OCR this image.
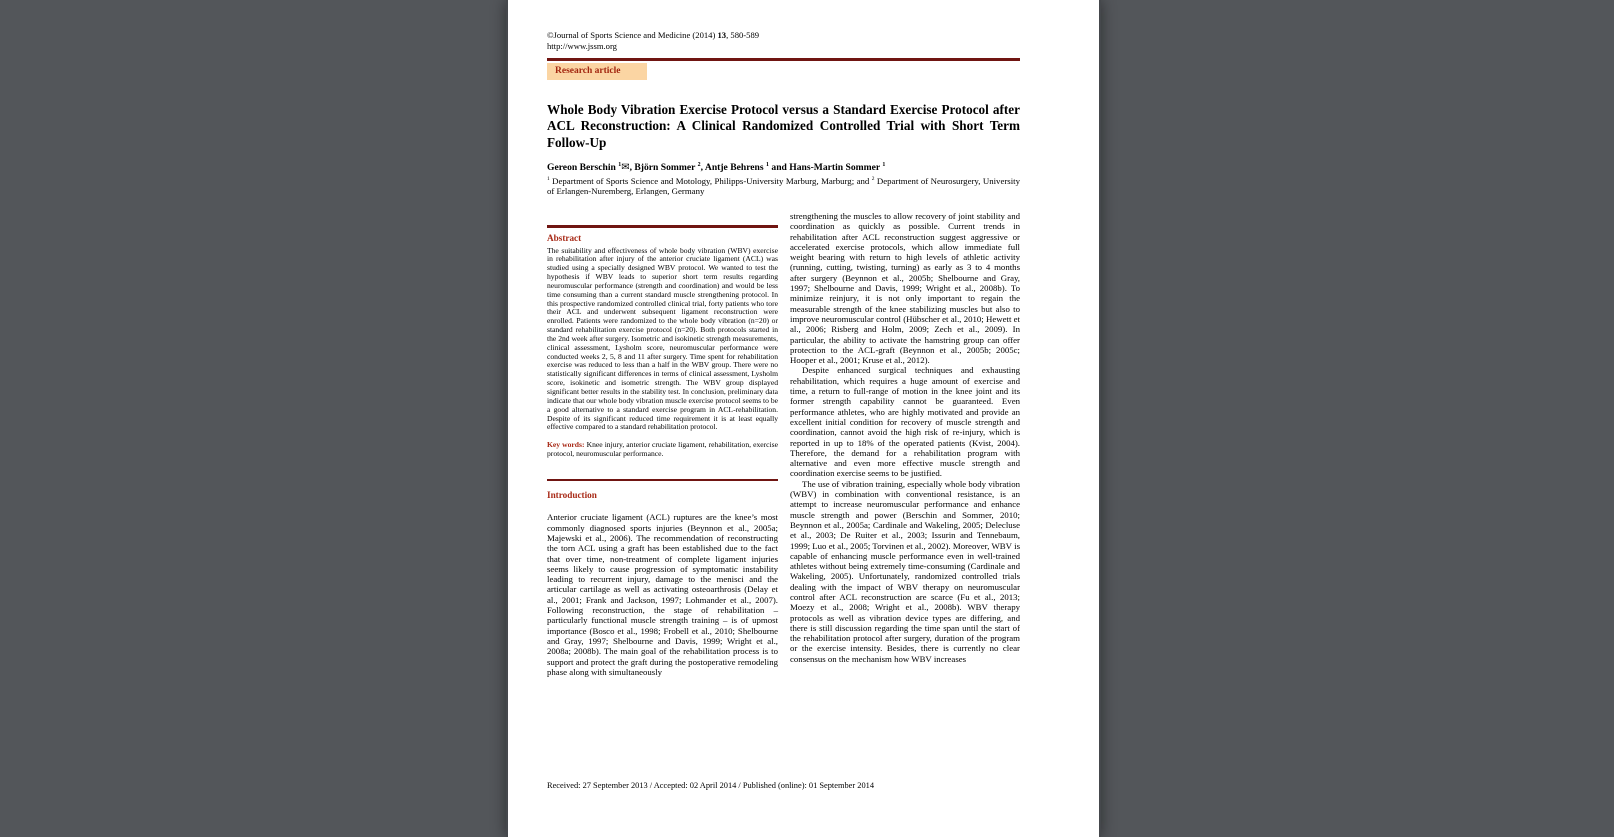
©Journal of Sports Science and Medicine (2014) 13, 580-589
http://www.jssm.org
Research article
Whole Body Vibration Exercise Protocol versus a Standard Exercise Protocol after ACL Reconstruction: A Clinical Randomized Controlled Trial with Short Term Follow-Up
Gereon Berschin $^1$✉, Björn Sommer $^2$, Antje Behrens $^1$ and Hans-Martin Sommer $^1$
$^1$ Department of Sports Science and Motology, Philipps-University Marburg, Marburg; and $^2$ Department of Neurosurgery, University of Erlangen-Nuremberg, Erlangen, Germany
Abstract
The suitability and effectiveness of whole body vibration (WBV) exercise in rehabilitation after injury of the anterior cruciate ligament (ACL) was studied using a specially designed WBV protocol. We wanted to test the hypothesis if WBV leads to superior short term results regarding neuromuscular performance (strength and coordination) and would be less time consuming than a current standard muscle strengthening protocol. In this prospective randomized controlled clinical trial, forty patients who tore their ACL and underwent subsequent ligament reconstruction were enrolled. Patients were randomized to the whole body vibration (n=20) or standard rehabilitation exercise protocol (n=20). Both protocols started in the 2nd week after surgery. Isometric and isokinetic strength measurements, clinical assessment, Lysholm score, neuromuscular performance were conducted weeks 2, 5, 8 and 11 after surgery. Time spent for rehabilitation exercise was reduced to less than a half in the WBV group. There were no statistically significant differences in terms of clinical assessment, Lysholm score, isokinetic and isometric strength. The WBV group displayed significant better results in the stability test. In conclusion, preliminary data indicate that our whole body vibration muscle exercise protocol seems to be a good alternative to a standard exercise program in ACL-rehabilitation. Despite of its significant reduced time requirement it is at least equally effective compared to a standard rehabilitation protocol.
Key words: Knee injury, anterior cruciate ligament, rehabilitation, exercise protocol, neuromuscular performance.
Introduction
Anterior cruciate ligament (ACL) ruptures are the knee’s most commonly diagnosed sports injuries (Beynnon et al., 2005a; Majewski et al., 2006). The recommendation of reconstructing the torn ACL using a graft has been established due to the fact that over time, non-treatment of complete ligament injuries seems likely to cause progression of symptomatic instability leading to recurrent injury, damage to the menisci and the articular cartilage as well as activating osteoarthrosis (Delay et al., 2001; Frank and Jackson, 1997; Lohmander et al., 2007). Following reconstruction, the stage of rehabilitation – particularly functional muscle strength training – is of upmost importance (Bosco et al., 1998; Frobell et al., 2010; Shelbourne and Gray, 1997; Shelbourne and Davis, 1999; Wright et al., 2008a; 2008b). The main goal of the rehabilitation process is to support and protect the graft during the postoperative remodeling phase along with simultaneously
strengthening the muscles to allow recovery of joint stability and coordination as quickly as possible. Current trends in rehabilitation after ACL reconstruction suggest aggressive or accelerated exercise protocols, which allow immediate full weight bearing with return to high levels of athletic activity (running, cutting, twisting, turning) as early as 3 to 4 months after surgery (Beynnon et al., 2005b; Shelbourne and Gray, 1997; Shelbourne and Davis, 1999; Wright et al., 2008b). To minimize reinjury, it is not only important to regain the measurable strength of the knee stabilizing muscles but also to improve neuromuscular control (Hübscher et al., 2010; Hewett et al., 2006; Risberg and Holm, 2009; Zech et al., 2009). In particular, the ability to activate the hamstring group can offer protection to the ACL-graft (Beynnon et al., 2005b; 2005c; Hooper et al., 2001; Kruse et al., 2012).
Despite enhanced surgical techniques and exhausting rehabilitation, which requires a huge amount of exercise and time, a return to full-range of motion in the knee joint and its former strength capability cannot be guaranteed. Even performance athletes, who are highly motivated and provide an excellent initial condition for recovery of muscle strength and coordination, cannot avoid the high risk of re-injury, which is reported in up to 18% of the operated patients (Kvist, 2004). Therefore, the demand for a rehabilitation program with alternative and even more effective muscle strength and coordination exercise seems to be justified.
The use of vibration training, especially whole body vibration (WBV) in combination with conventional resistance, is an attempt to increase neuromuscular performance and enhance muscle strength and power (Berschin and Sommer, 2010; Beynnon et al., 2005a; Cardinale and Wakeling, 2005; Delecluse et al., 2003; De Ruiter et al., 2003; Issurin and Tennebaum, 1999; Luo et al., 2005; Torvinen et al., 2002). Moreover, WBV is capable of enhancing muscle performance even in well-trained athletes without being extremely time-consuming (Cardinale and Wakeling, 2005). Unfortunately, randomized controlled trials dealing with the impact of WBV therapy on neuromuscular control after ACL reconstruction are scarce (Fu et al., 2013; Moezy et al., 2008; Wright et al., 2008b). WBV therapy protocols as well as vibration device types are differing, and there is still discussion regarding the time span until the start of the rehabilitation protocol after surgery, duration of the program or the exercise intensity. Besides, there is currently no clear consensus on the mechanism how WBV increases
Received: 27 September 2013 / Accepted: 02 April 2014 / Published (online): 01 September 2014
